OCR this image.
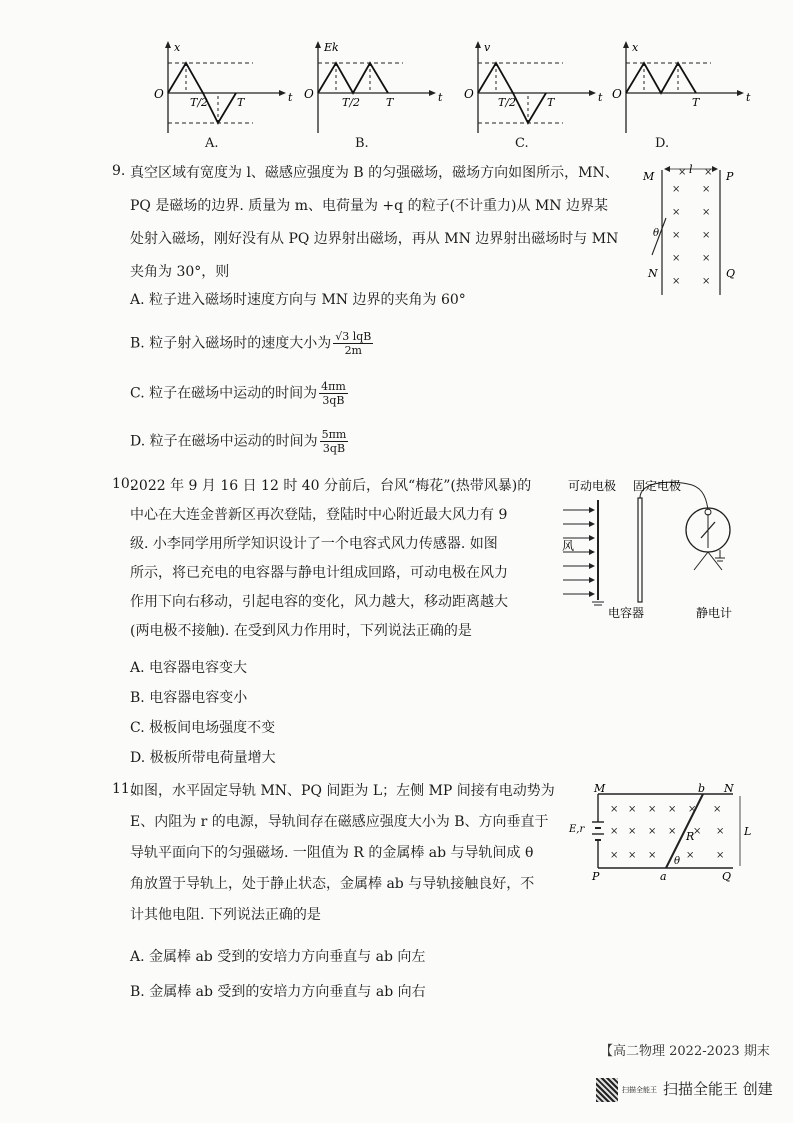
x
O	t
T/2	T
A.
Ek
O	t
T/2 T
B.
v
O	t
T/2	T
C.
x
O	t
T
D.
9. 真空区域有宽度为 l、磁感应强度为 B 的匀强磁场，磁场方向如图所示，MN、
PQ 是磁场的边界. 质量为 m、电荷量为 +q 的粒子(不计重力)从 MN 边界某
处射入磁场，刚好没有从 PQ 边界射出磁场，再从 MN 边界射出磁场时与 MN
夹角为 30°，则
A. 粒子进入磁场时速度方向与 MN 边界的夹角为 60°
B. 粒子射入磁场时的速度大小为 $\frac{\text{√3 lqB}}{2m}$
C. 粒子在磁场中运动的时间为 $\frac{4\pi m}{3qB}$
D. 粒子在磁场中运动的时间为 $\frac{5\pi m}{3qB}$
× ×
× ×
× ×
× ×
× ×
× ×
M	P
N	Q
l
θ
10.
2022 年 9 月 16 日 12 时 40 分前后，台风“梅花”(热带风暴)的
中心在大连金普新区再次登陆，登陆时中心附近最大风力有 9
级. 小李同学用所学知识设计了一个电容式风力传感器. 如图
所示，将已充电的电容器与静电计组成回路，可动电极在风力
作用下向右移动，引起电容的变化，风力越大，移动距离越大
(两电极不接触). 在受到风力作用时，下列说法正确的是
A. 电容器电容变大
B. 电容器电容变小
C. 极板间电场强度不变
D. 极板所带电荷量增大
可动电极 固定电极
风
电容器	静电计
11.
如图，水平固定导轨 MN、PQ 间距为 L；左侧 MP 间接有电动势为
E、内阻为 r 的电源，导轨间存在磁感应强度大小为 B、方向垂直于
导轨平面向下的匀强磁场. 一阻值为 R 的金属棒 ab 与导轨间成 θ
角放置于导轨上，处于静止状态，金属棒 ab 与导轨接触良好，不
计其他电阻. 下列说法正确的是
A. 金属棒 ab 受到的安培力方向垂直与 ab 向左
B. 金属棒 ab 受到的安培力方向垂直与 ab 向右
× × × × × ×
× × × × × ×
× × ×	× ×
M	N
P	Q
b
a
L
R
E,r
θ
【高二物理 2022-2023 期末
扫描全能王 扫描全能王 创建
